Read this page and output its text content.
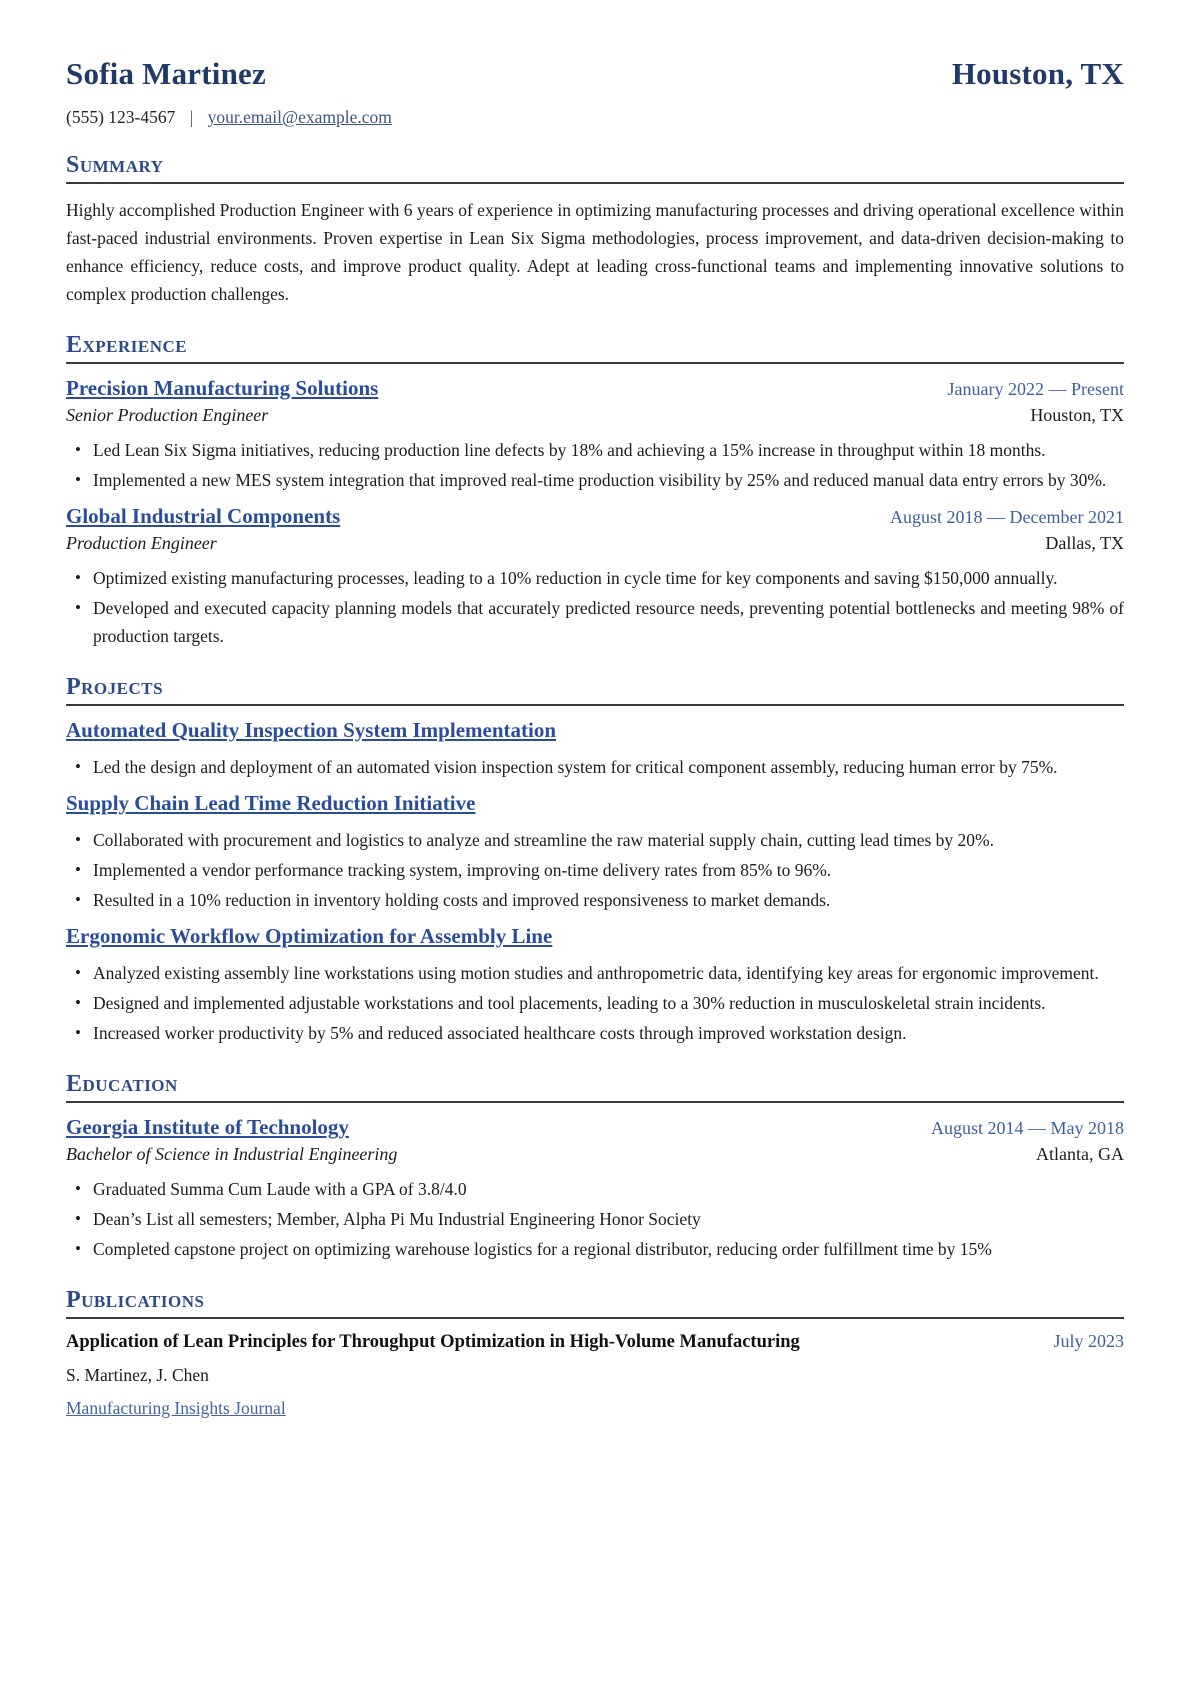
Sofia Martinez	Houston, TX
(555) 123-4567 | your.email@example.com
Summary

Highly accomplished Production Engineer with 6 years of experience in optimizing manufacturing processes and driving operational excellence within fast-paced industrial environments. Proven expertise in Lean Six Sigma methodologies, process improvement, and data-driven decision-making to enhance efficiency, reduce costs, and improve product quality. Adept at leading cross-functional teams and implementing innovative solutions to complex production challenges.

Experience
Precision Manufacturing Solutions	January 2022 — Present
Senior Production Engineer	Houston, TX
• Led Lean Six Sigma initiatives, reducing production line defects by 18% and achieving a 15% increase in throughput within 18 months.
• Implemented a new MES system integration that improved real-time production visibility by 25% and reduced manual data entry errors by 30%.
Global Industrial Components	August 2018 — December 2021
Production Engineer	Dallas, TX
• Optimized existing manufacturing processes, leading to a 10% reduction in cycle time for key components and saving $150,000 annually.
• Developed and executed capacity planning models that accurately predicted resource needs, preventing potential bottlenecks and meeting 98% of production targets.
Projects
Automated Quality Inspection System Implementation
• Led the design and deployment of an automated vision inspection system for critical component assembly, reducing human error by 75%.
Supply Chain Lead Time Reduction Initiative
• Collaborated with procurement and logistics to analyze and streamline the raw material supply chain, cutting lead times by 20%.
• Implemented a vendor performance tracking system, improving on-time delivery rates from 85% to 96%.
• Resulted in a 10% reduction in inventory holding costs and improved responsiveness to market demands.
Ergonomic Workflow Optimization for Assembly Line
• Analyzed existing assembly line workstations using motion studies and anthropometric data, identifying key areas for ergonomic improvement.
• Designed and implemented adjustable workstations and tool placements, leading to a 30% reduction in musculoskeletal strain incidents.
• Increased worker productivity by 5% and reduced associated healthcare costs through improved workstation design.
Education
Georgia Institute of Technology	August 2014 — May 2018
Bachelor of Science in Industrial Engineering	Atlanta, GA
• Graduated Summa Cum Laude with a GPA of 3.8/4.0
• Dean’s List all semesters; Member, Alpha Pi Mu Industrial Engineering Honor Society
• Completed capstone project on optimizing warehouse logistics for a regional distributor, reducing order fulfillment time by 15%
Publications
Application of Lean Principles for Throughput Optimization in High-Volume Manufacturing	July 2023
S. Martinez, J. Chen
Manufacturing Insights Journal
